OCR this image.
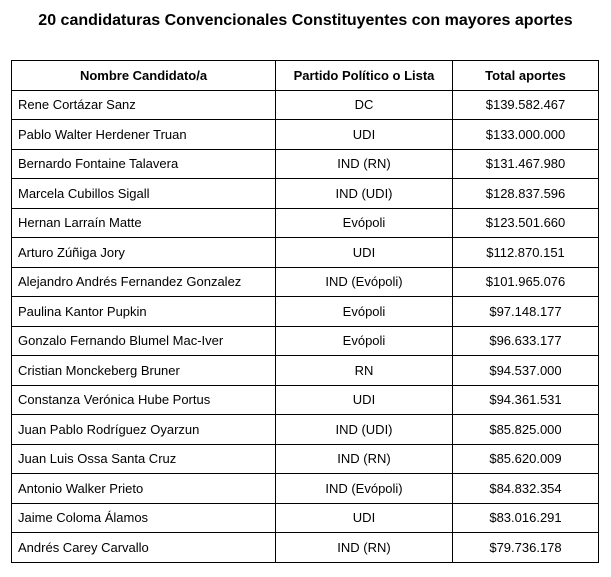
20 candidaturas Convencionales Constituyentes con mayores aportes
Nombre Candidato/a	Partido Político o Lista	Total aportes
Rene Cortázar Sanz	DC	$139.582.467
Pablo Walter Herdener Truan	UDI	$133.000.000
Bernardo Fontaine Talavera	IND (RN)	$131.467.980
Marcela Cubillos Sigall	IND (UDI)	$128.837.596
Hernan Larraín Matte	Evópoli	$123.501.660
Arturo Zúñiga Jory	UDI	$112.870.151
Alejandro Andrés Fernandez Gonzalez	IND (Evópoli)	$101.965.076
Paulina Kantor Pupkin	Evópoli	$97.148.177
Gonzalo Fernando Blumel Mac-Iver	Evópoli	$96.633.177
Cristian Monckeberg Bruner	RN	$94.537.000
Constanza Verónica Hube Portus	UDI	$94.361.531
Juan Pablo Rodríguez Oyarzun	IND (UDI)	$85.825.000
Juan Luis Ossa Santa Cruz	IND (RN)	$85.620.009
Antonio Walker Prieto	IND (Evópoli)	$84.832.354
Jaime Coloma Álamos	UDI	$83.016.291
Andrés Carey Carvallo	IND (RN)	$79.736.178
